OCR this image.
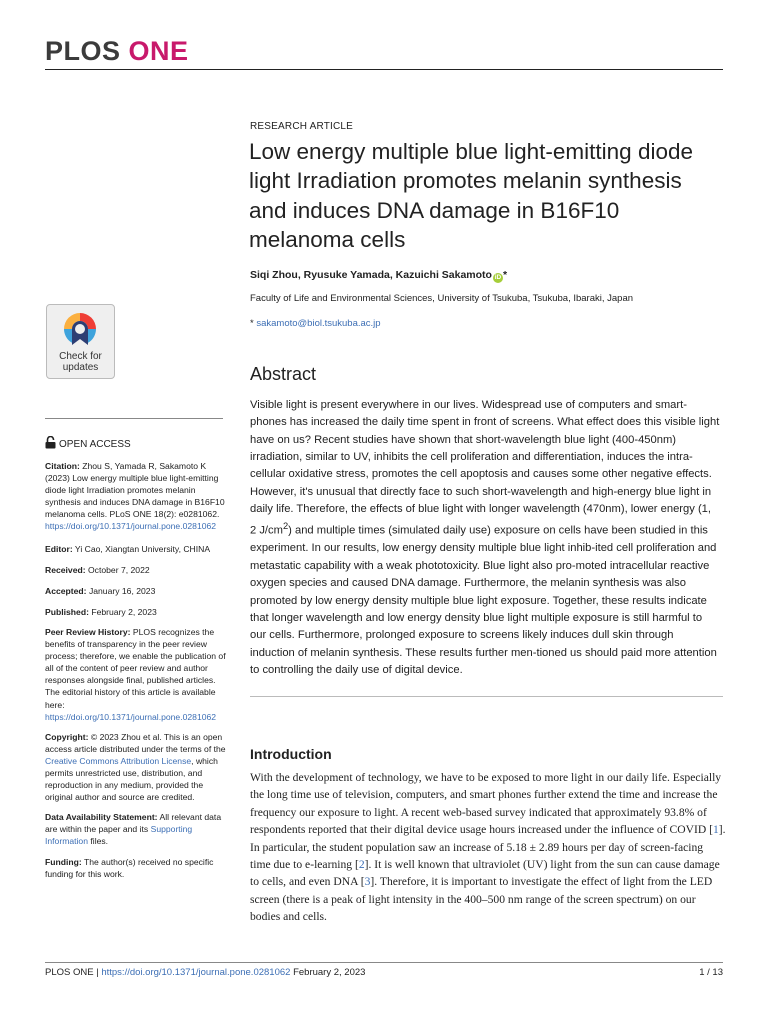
PLOS ONE
RESEARCH ARTICLE
Low energy multiple blue light-emitting diode light Irradiation promotes melanin synthesis and induces DNA damage in B16F10 melanoma cells
Siqi Zhou, Ryusuke Yamada, Kazuichi Sakamoto iD *
Faculty of Life and Environmental Sciences, University of Tsukuba, Tsukuba, Ibaraki, Japan
* sakamoto@biol.tsukuba.ac.jp
Check for
updates	Abstract

Visible light is present everywhere in our lives. Widespread use of computers and smart-phones has increased the daily time spent in front of screens. What effect does this visible light have on us? Recent studies have shown that short-wavelength blue light (400-450nm) irradiation, similar to UV, inhibits the cell proliferation and differentiation, induces the intra-cellular oxidative stress, promotes the cell apoptosis and causes some other negative effects. However, it's unusual that directly face to such short-wavelength and high-energy blue light in daily life. Therefore, the effects of blue light with longer wavelength (470nm), lower energy (1, 2 $J/cm^2$) and multiple times (simulated daily use) exposure on cells have been studied in this experiment. In our results, low energy density multiple blue light inhib-ited cell proliferation and metastatic capability with a weak phototoxicity. Blue light also pro-moted intracellular reactive oxygen species and caused DNA damage. Furthermore, the melanin synthesis was also promoted by low energy density multiple blue light exposure. Together, these results indicate that longer wavelength and low energy density blue light multiple exposure is still harmful to our cells. Furthermore, prolonged exposure to screens likely induces dull skin through induction of melanin synthesis. These results further men-tioned us should paid more attention to controlling the daily use of digital device.

Introduction

With the development of technology, we have to be exposed to more light in our daily life. Especially the long time use of television, computers, and smart phones further extend the time and increase the frequency our exposure to light. A recent web-based survey indicated that approximately 93.8% of respondents reported that their digital device usage hours increased under the influence of COVID [1]. In particular, the student population saw an increase of 5.18 ± 2.89 hours per day of screen-facing time due to e-learning [2]. It is well known that ultraviolet (UV) light from the sun can cause damage to cells, and even DNA [3]. Therefore, it is important to investigate the effect of light from the LED screen (there is a peak of light intensity in the 400–500 nm range of the screen spectrum) on our bodies and cells.

OPEN ACCESS

Citation: Zhou S, Yamada R, Sakamoto K (2023) Low energy multiple blue light-emitting diode light Irradiation promotes melanin synthesis and induces DNA damage in B16F10 melanoma cells. PLoS ONE 18(2): e0281062. https://doi.org/10.1371/journal.pone.0281062

Editor: Yi Cao, Xiangtan University, CHINA

Received: October 7, 2022

Accepted: January 16, 2023

Published: February 2, 2023

Peer Review History: PLOS recognizes the benefits of transparency in the peer review process; therefore, we enable the publication of all of the content of peer review and author responses alongside final, published articles. The editorial history of this article is available here: https://doi.org/10.1371/journal.pone.0281062

Copyright: © 2023 Zhou et al. This is an open access article distributed under the terms of the Creative Commons Attribution License, which permits unrestricted use, distribution, and reproduction in any medium, provided the original author and source are credited.

Data Availability Statement: All relevant data are within the paper and its Supporting Information files.

Funding: The author(s) received no specific funding for this work.

PLOS ONE | https://doi.org/10.1371/journal.pone.0281062 February 2, 2023	1 / 13
